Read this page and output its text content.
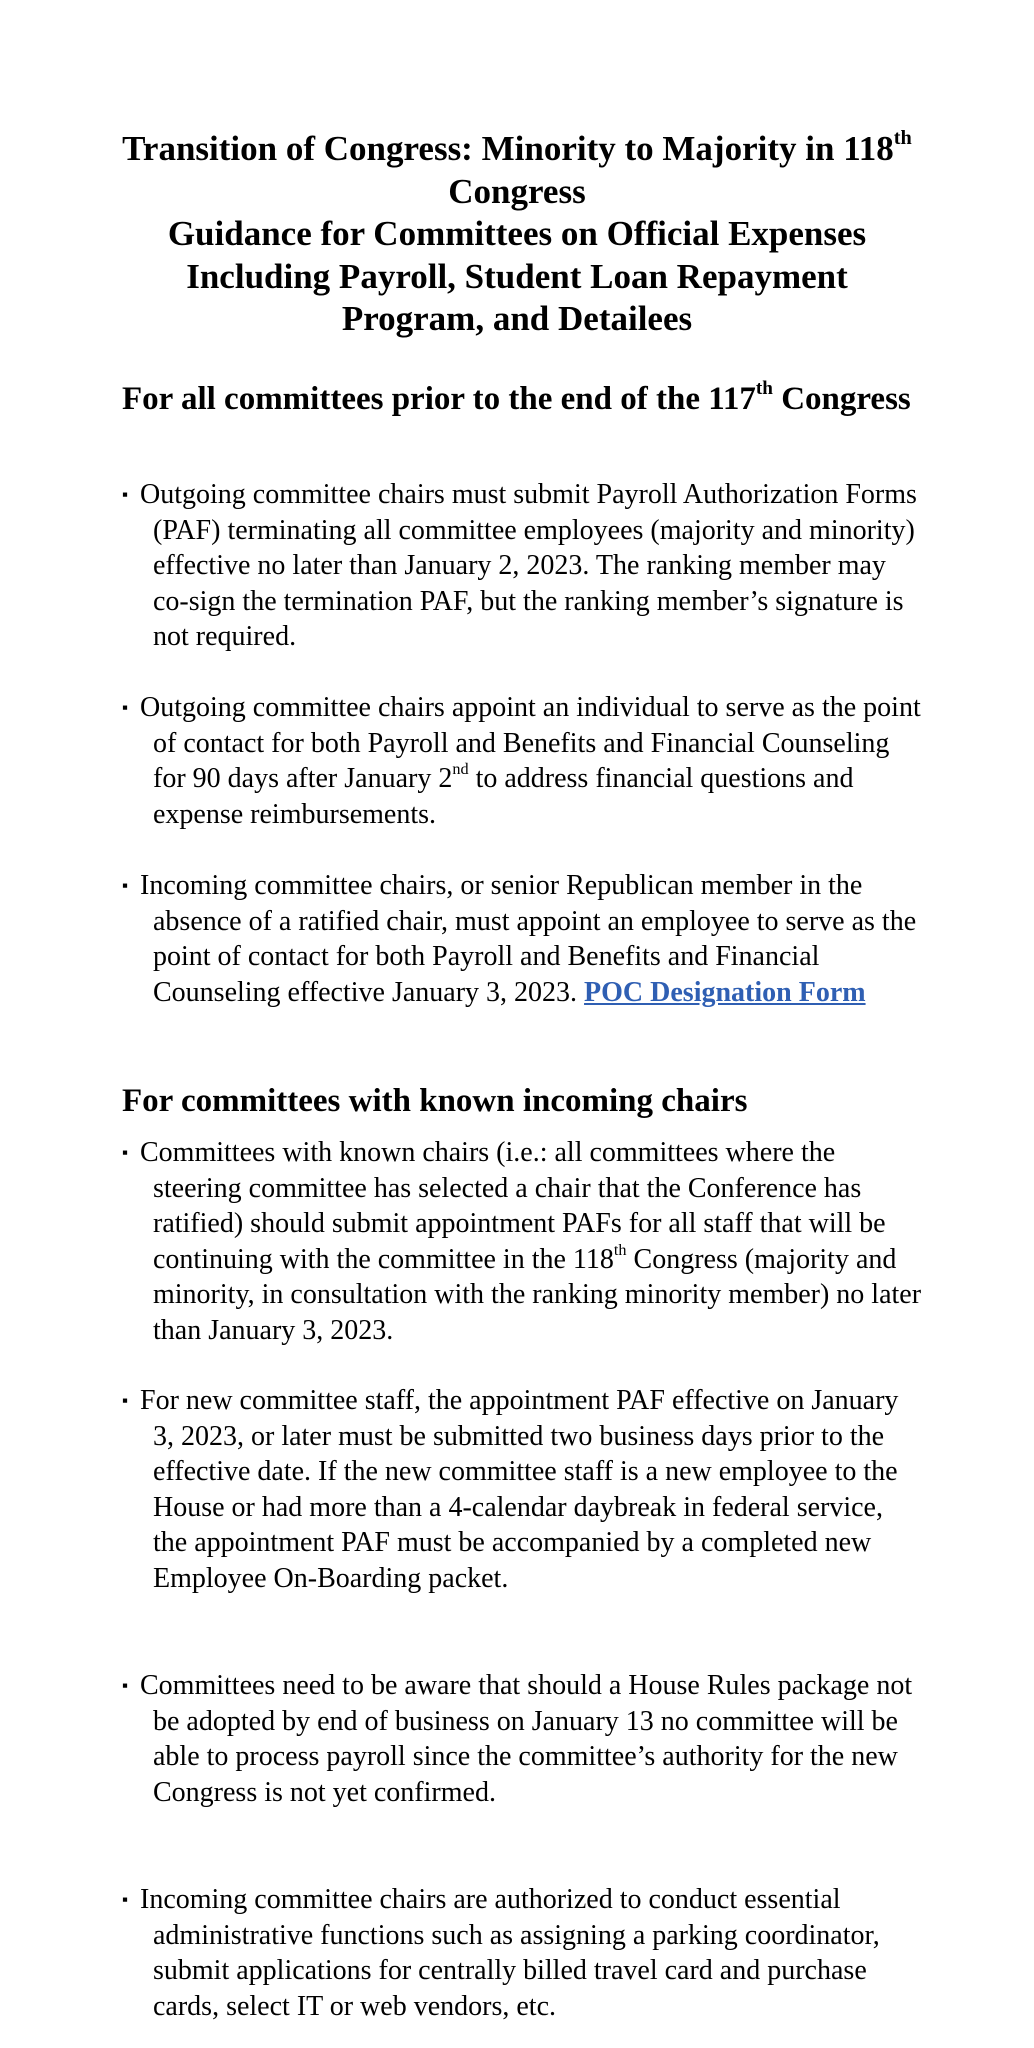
Transition of Congress: Minority to Majority in 118th Congress
Guidance for Committees on Official Expenses Including Payroll, Student Loan Repayment Program, and Detailees
For all committees prior to the end of the 117th Congress
▪ Outgoing committee chairs must submit Payroll Authorization Forms (PAF) terminating all committee employees (majority and minority) effective no later than January 2, 2023. The ranking member may co-sign the termination PAF, but the ranking member’s signature is not required.
▪ Outgoing committee chairs appoint an individual to serve as the point of contact for both Payroll and Benefits and Financial Counseling for 90 days after January 2nd to address financial questions and expense reimbursements.
▪ Incoming committee chairs, or senior Republican member in the absence of a ratified chair, must appoint an employee to serve as the point of contact for both Payroll and Benefits and Financial Counseling effective January 3, 2023. POC Designation Form
For committees with known incoming chairs
▪ Committees with known chairs (i.e.: all committees where the steering committee has selected a chair that the Conference has ratified) should submit appointment PAFs for all staff that will be continuing with the committee in the 118th Congress (majority and minority, in consultation with the ranking minority member) no later than January 3, 2023.
▪ For new committee staff, the appointment PAF effective on January 3, 2023, or later must be submitted two business days prior to the effective date. If the new committee staff is a new employee to the House or had more than a 4-calendar daybreak in federal service, the appointment PAF must be accompanied by a completed new Employee On-Boarding packet.
▪ Committees need to be aware that should a House Rules package not be adopted by end of business on January 13 no committee will be able to process payroll since the committee’s authority for the new Congress is not yet confirmed.
▪ Incoming committee chairs are authorized to conduct essential administrative functions such as assigning a parking coordinator, submit applications for centrally billed travel card and purchase cards, select IT or web vendors, etc.
